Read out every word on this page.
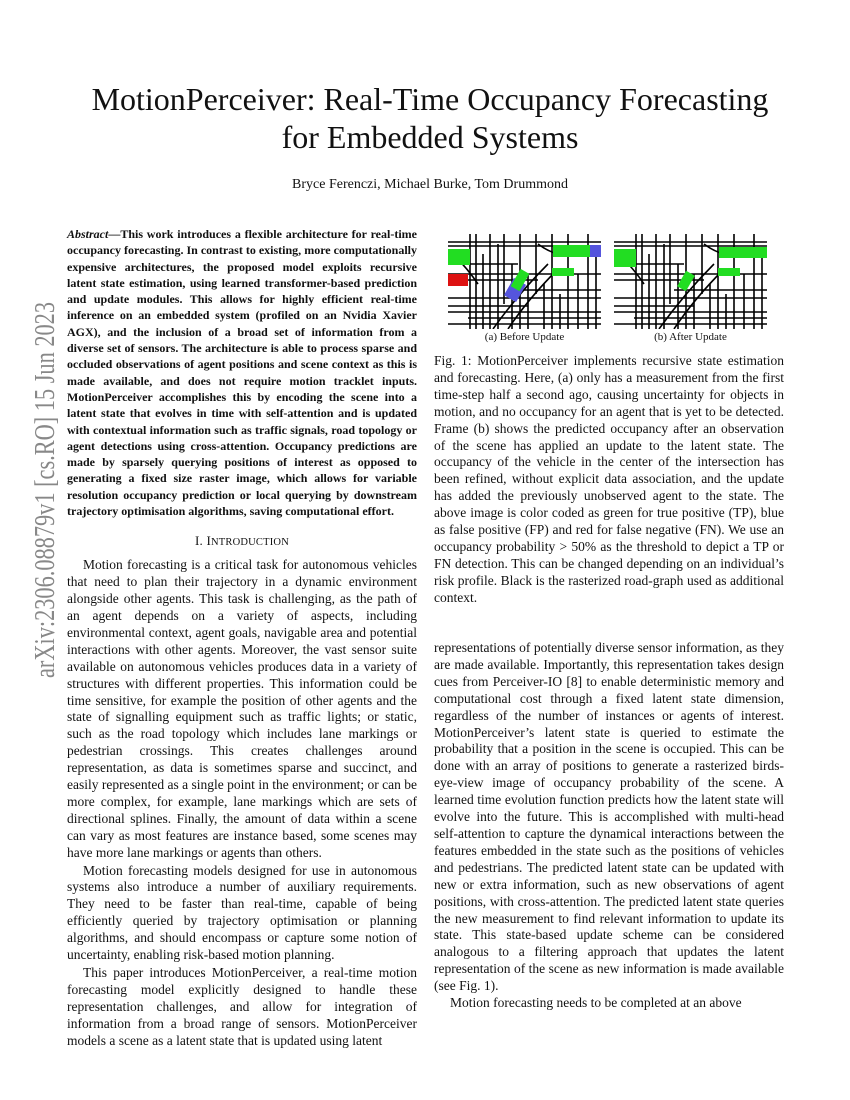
arXiv:2306.08879v1 [cs.RO] 15 Jun 2023
MotionPerceiver: Real-Time Occupancy Forecasting
for Embedded Systems
Bryce Ferenczi, Michael Burke, Tom Drummond

Abstract—This work introduces a flexible architecture for real-time occupancy forecasting. In contrast to existing, more computationally expensive architectures, the proposed model exploits recursive latent state estimation, using learned transformer-based prediction and update modules. This allows for highly efficient real-time inference on an embedded system (profiled on an Nvidia Xavier AGX), and the inclusion of a broad set of information from a diverse set of sensors. The architecture is able to process sparse and occluded observations of agent positions and scene context as this is made available, and does not require motion tracklet inputs. MotionPerceiver accomplishes this by encoding the scene into a latent state that evolves in time with self-attention and is updated with contextual information such as traffic signals, road topology or agent detections using cross-attention. Occupancy predictions are made by sparsely querying positions of interest as opposed to generating a fixed size raster image, which allows for variable resolution occupancy prediction or local querying by downstream trajectory optimisation algorithms, saving computational effort.

I. INTRODUCTION

Motion forecasting is a critical task for autonomous vehicles that need to plan their trajectory in a dynamic environment alongside other agents. This task is challenging, as the path of an agent depends on a variety of aspects, including environmental context, agent goals, navigable area and potential interactions with other agents. Moreover, the vast sensor suite available on autonomous vehicles produces data in a variety of structures with different properties. This information could be time sensitive, for example the position of other agents and the state of signalling equipment such as traffic lights; or static, such as the road topology which includes lane markings or pedestrian crossings. This creates challenges around representation, as data is sometimes sparse and succinct, and easily represented as a single point in the environment; or can be more complex, for example, lane markings which are sets of directional splines. Finally, the amount of data within a scene can vary as most features are instance based, some scenes may have more lane markings or agents than others.

Motion forecasting models designed for use in autonomous systems also introduce a number of auxiliary requirements. They need to be faster than real-time, capable of being efficiently queried by trajectory optimisation or planning algorithms, and should encompass or capture some notion of uncertainty, enabling risk-based motion planning.

This paper introduces MotionPerceiver, a real-time motion forecasting model explicitly designed to handle these representation challenges, and allow for integration of information from a broad range of sensors. MotionPerceiver models a scene as a latent state that is updated using latent

(a) Before Update	(b) After Update

Fig. 1: MotionPerceiver implements recursive state estimation and forecasting. Here, (a) only has a measurement from the first time-step half a second ago, causing uncertainty for objects in motion, and no occupancy for an agent that is yet to be detected. Frame (b) shows the predicted occupancy after an observation of the scene has applied an update to the latent state. The occupancy of the vehicle in the center of the intersection has been refined, without explicit data association, and the update has added the previously unobserved agent to the state. The above image is color coded as green for true positive (TP), blue as false positive (FP) and red for false negative (FN). We use an occupancy probability > 50% as the threshold to depict a TP or FN detection. This can be changed depending on an individual’s risk profile. Black is the rasterized road-graph used as additional context.

representations of potentially diverse sensor information, as they are made available. Importantly, this representation takes design cues from Perceiver-IO [8] to enable deterministic memory and computational cost through a fixed latent state dimension, regardless of the number of instances or agents of interest. MotionPerceiver’s latent state is queried to estimate the probability that a position in the scene is occupied. This can be done with an array of positions to generate a rasterized birds-eye-view image of occupancy probability of the scene. A learned time evolution function predicts how the latent state will evolve into the future. This is accomplished with multi-head self-attention to capture the dynamical interactions between the features embedded in the state such as the positions of vehicles and pedestrians. The predicted latent state can be updated with new or extra information, such as new observations of agent positions, with cross-attention. The predicted latent state queries the new measurement to find relevant information to update its state. This state-based update scheme can be considered analogous to a filtering approach that updates the latent representation of the scene as new information is made available (see Fig. 1).

Motion forecasting needs to be completed at an above
